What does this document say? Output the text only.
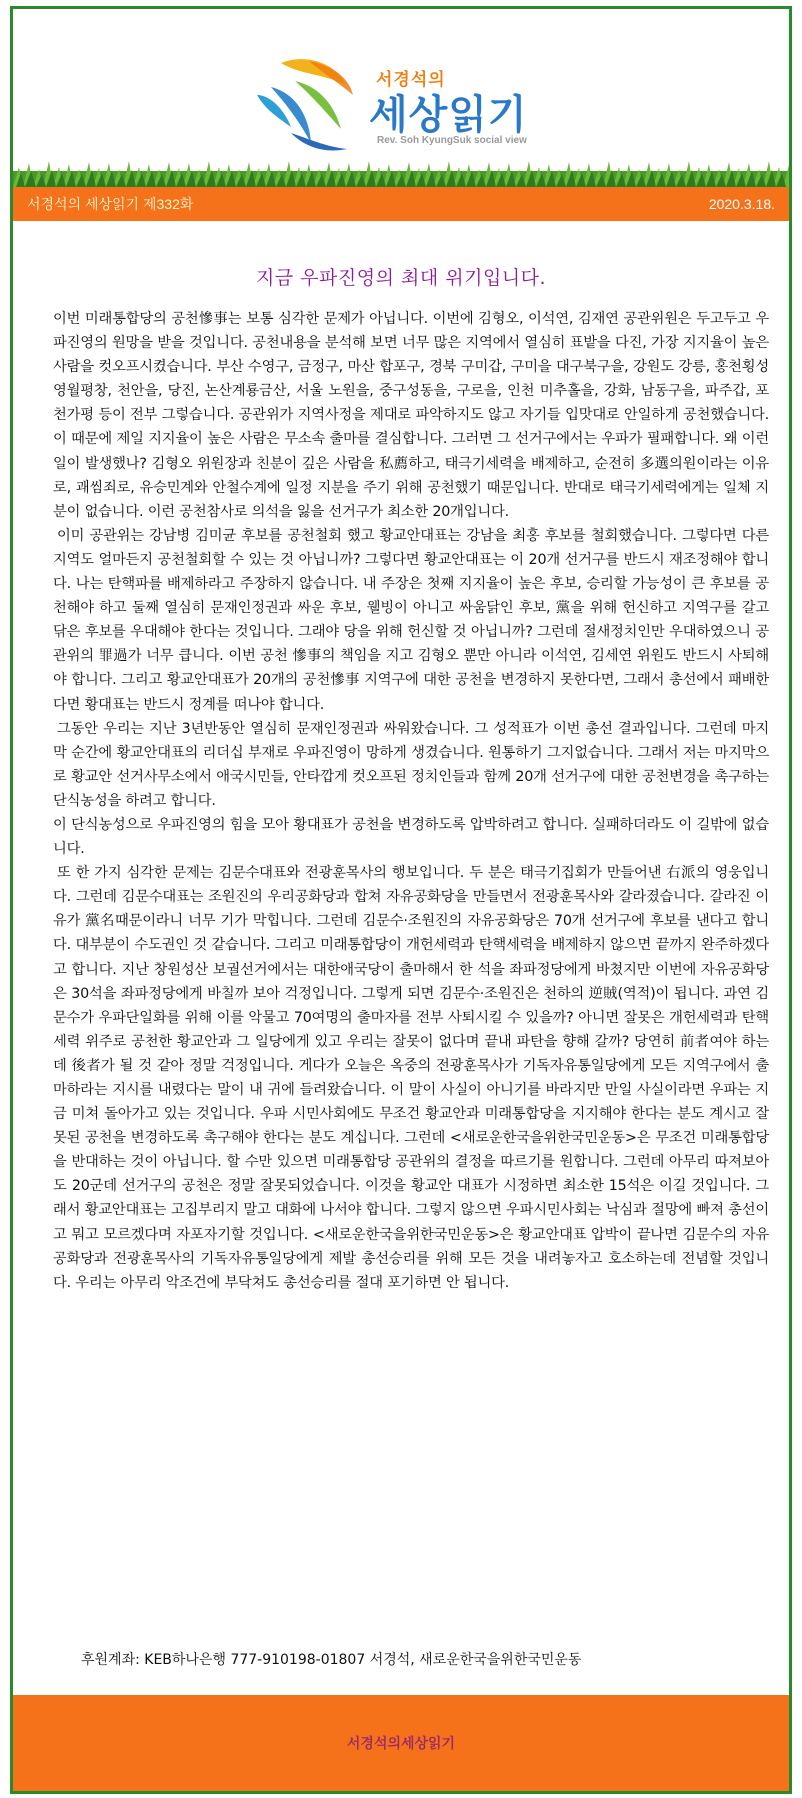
서경석의
세상읽기
Rev. Soh KyungSuk social view
서경석의 세상읽기 제332화	2020.3.18.
지금 우파진영의 최대 위기입니다.

이번 미래통합당의 공천慘事는 보통 심각한 문제가 아닙니다. 이번에 김형오, 이석연, 김재연 공관위원은 두고두고 우파진영의 원망을 받을 것입니다. 공천내용을 분석해 보면 너무 많은 지역에서 열심히 표밭을 다진, 가장 지지율이 높은 사람을 컷오프시켰습니다. 부산 수영구, 금정구, 마산 합포구, 경북 구미갑, 구미을 대구북구을, 강원도 강릉, 홍천횡성영월평창, 천안을, 당진, 논산계룡금산, 서울 노원을, 중구성동을, 구로을, 인천 미추홀을, 강화, 남동구을, 파주갑, 포천가평 등이 전부 그렇습니다. 공관위가 지역사정을 제대로 파악하지도 않고 자기들 입맛대로 안일하게 공천했습니다. 이 때문에 제일 지지율이 높은 사람은 무소속 출마를 결심합니다. 그러면 그 선거구에서는 우파가 필패합니다. 왜 이런 일이 발생했나? 김형오 위원장과 친분이 깊은 사람을 私薦하고, 태극기세력을 배제하고, 순전히 多選의원이라는 이유로, 괘씸죄로, 유승민계와 안철수계에 일정 지분을 주기 위해 공천했기 때문입니다. 반대로 태극기세력에게는 일체 지분이 없습니다. 이런 공천참사로 의석을 잃을 선거구가 최소한 20개입니다.

이미 공관위는 강남병 김미균 후보를 공천철회 했고 황교안대표는 강남을 최홍 후보를 철회했습니다. 그렇다면 다른 지역도 얼마든지 공천철회할 수 있는 것 아닙니까? 그렇다면 황교안대표는 이 20개 선거구를 반드시 재조정해야 합니다. 나는 탄핵파를 배제하라고 주장하지 않습니다. 내 주장은 첫째 지지율이 높은 후보, 승리할 가능성이 큰 후보를 공천해야 하고 둘째 열심히 문재인정권과 싸운 후보, 웰빙이 아니고 싸움닭인 후보, 黨을 위해 헌신하고 지역구를 갈고 닦은 후보를 우대해야 한다는 것입니다. 그래야 당을 위해 헌신할 것 아닙니까? 그런데 절새정치인만 우대하였으니 공관위의 罪過가 너무 큽니다. 이번 공천 慘事의 책임을 지고 김형오 뿐만 아니라 이석연, 김세연 위원도 반드시 사퇴해야 합니다. 그리고 황교안대표가 20개의 공천慘事 지역구에 대한 공천을 변경하지 못한다면, 그래서 총선에서 패배한다면 황대표는 반드시 정계를 떠나야 합니다.

그동안 우리는 지난 3년반동안 열심히 문재인정권과 싸워왔습니다. 그 성적표가 이번 총선 결과입니다. 그런데 마지막 순간에 황교안대표의 리더십 부재로 우파진영이 망하게 생겼습니다. 원통하기 그지없습니다. 그래서 저는 마지막으로 황교안 선거사무소에서 애국시민들, 안타깝게 컷오프된 정치인들과 함께 20개 선거구에 대한 공천변경을 촉구하는 단식농성을 하려고 합니다.

이 단식농성으로 우파진영의 힘을 모아 황대표가 공천을 변경하도록 압박하려고 합니다. 실패하더라도 이 길밖에 없습니다.

또 한 가지 심각한 문제는 김문수대표와 전광훈목사의 행보입니다. 두 분은 태극기집회가 만들어낸 右派의 영웅입니다. 그런데 김문수대표는 조원진의 우리공화당과 합쳐 자유공화당을 만들면서 전광훈목사와 갈라졌습니다. 갈라진 이유가 黨名때문이라니 너무 기가 막힙니다. 그런데 김문수·조원진의 자유공화당은 70개 선거구에 후보를 낸다고 합니다. 대부분이 수도권인 것 같습니다. 그리고 미래통합당이 개헌세력과 탄핵세력을 배제하지 않으면 끝까지 완주하겠다고 합니다. 지난 창원성산 보궐선거에서는 대한애국당이 출마해서 한 석을 좌파정당에게 바쳤지만 이번에 자유공화당은 30석을 좌파정당에게 바칠까 보아 걱정입니다. 그렇게 되면 김문수·조원진은 천하의 逆賊(역적)이 됩니다. 과연 김문수가 우파단일화를 위해 이를 악물고 70여명의 출마자를 전부 사퇴시킬 수 있을까? 아니면 잘못은 개헌세력과 탄핵세력 위주로 공천한 황교안과 그 일당에게 있고 우리는 잘못이 없다며 끝내 파탄을 향해 갈까? 당연히 前者여야 하는데 後者가 될 것 같아 정말 걱정입니다. 게다가 오늘은 옥중의 전광훈목사가 기독자유통일당에게 모든 지역구에서 출마하라는 지시를 내렸다는 말이 내 귀에 들려왔습니다. 이 말이 사실이 아니기를 바라지만 만일 사실이라면 우파는 지금 미쳐 돌아가고 있는 것입니다. 우파 시민사회에도 무조건 황교안과 미래통합당을 지지해야 한다는 분도 계시고 잘못된 공천을 변경하도록 촉구해야 한다는 분도 계십니다. 그런데 <새로운한국을위한국민운동>은 무조건 미래통합당을 반대하는 것이 아닙니다. 할 수만 있으면 미래통합당 공관위의 결정을 따르기를 원합니다. 그런데 아무리 따져보아도 20군데 선거구의 공천은 정말 잘못되었습니다. 이것을 황교안 대표가 시정하면 최소한 15석은 이길 것입니다. 그래서 황교안대표는 고집부리지 말고 대화에 나서야 합니다. 그렇지 않으면 우파시민사회는 낙심과 절망에 빠져 총선이고 뭐고 모르겠다며 자포자기할 것입니다. <새로운한국을위한국민운동>은 황교안대표 압박이 끝나면 김문수의 자유공화당과 전광훈목사의 기독자유통일당에게 제발 총선승리를 위해 모든 것을 내려놓자고 호소하는데 전념할 것입니다. 우리는 아무리 악조건에 부닥쳐도 총선승리를 절대 포기하면 안 됩니다.

후원계좌: KEB하나은행 777-910198-01807 서경석, 새로운한국을위한국민운동
서경석의세상읽기
